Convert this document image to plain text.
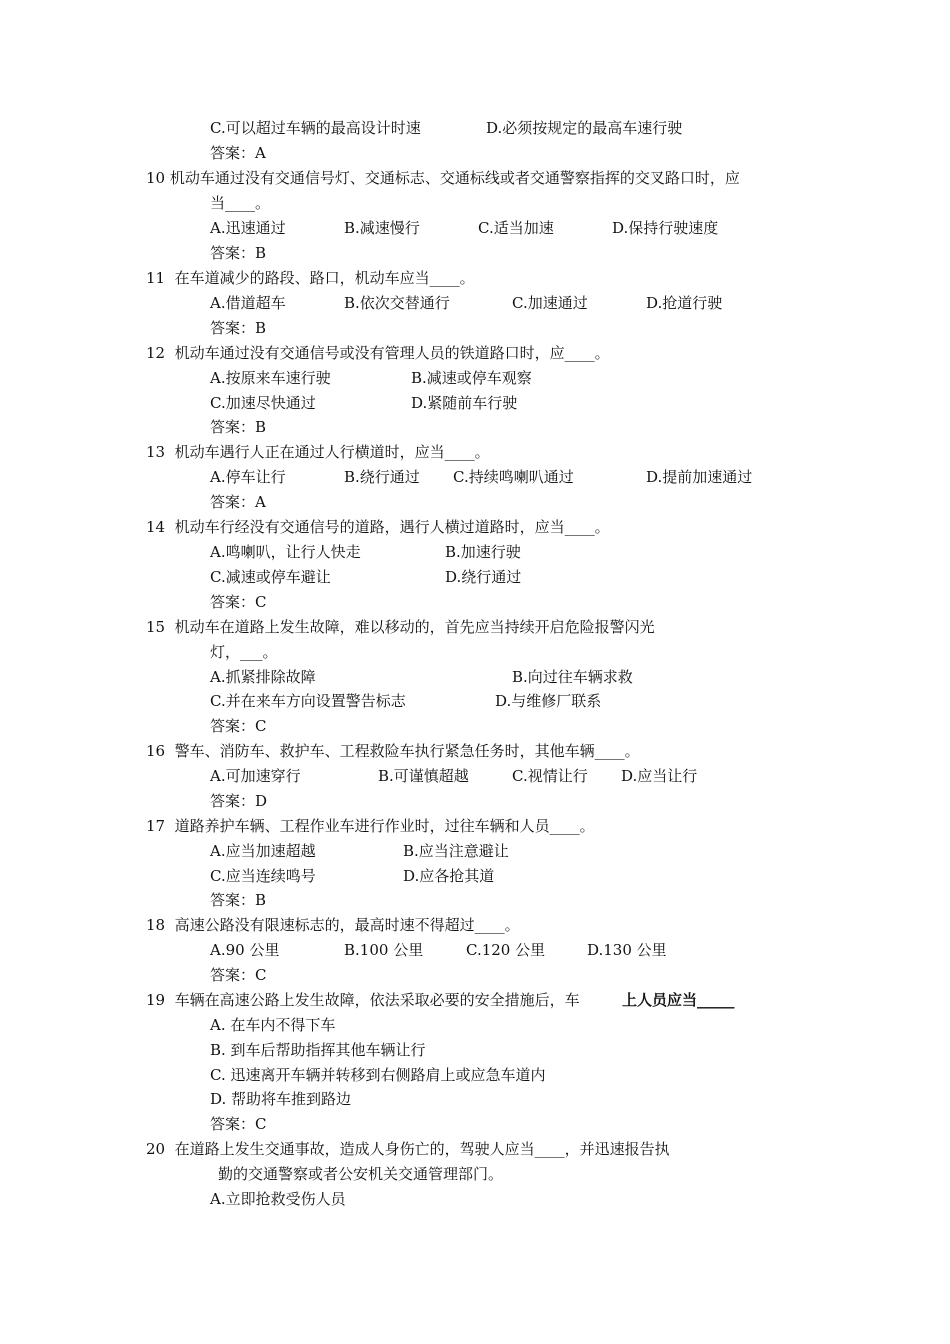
C.可以超过车辆的最高设计时速	D.必须按规定的最高车速行驶
答案：A
10 机动车通过没有交通信号灯、交通标志、交通标线或者交通警察指挥的交叉路口时，应
当____。
A.迅速通过	B.减速慢行	C.适当加速	D.保持行驶速度
答案：B
11  在车道减少的路段、路口，机动车应当____。
A.借道超车	B.依次交替通行	C.加速通过	D.抢道行驶
答案：B
12  机动车通过没有交通信号或没有管理人员的铁道路口时，应____。
A.按原来车速行驶	B.减速或停车观察
C.加速尽快通过	D.紧随前车行驶
答案：B
13  机动车遇行人正在通过人行横道时，应当____。
A.停车让行	B.绕行通过 C.持续鸣喇叭通过	D.提前加速通过
答案：A
14  机动车行经没有交通信号的道路，遇行人横过道路时，应当____。
A.鸣喇叭，让行人快走	B.加速行驶
C.减速或停车避让	D.绕行通过
答案：C
15  机动车在道路上发生故障，难以移动的，首先应当持续开启危险报警闪光
灯，___。
A.抓紧排除故障	B.向过往车辆求救
C.并在来车方向设置警告标志	D.与维修厂联系
答案：C
16  警车、消防车、救护车、工程救险车执行紧急任务时，其他车辆____。
A.可加速穿行	B.可谨慎超越	C.视情让行 D.应当让行
答案：D
17  道路养护车辆、工程作业车进行作业时，过往车辆和人员____。
A.应当加速超越	B.应当注意避让
C.应当连续鸣号	D.应各抢其道
答案：B
18  高速公路没有限速标志的，最高时速不得超过____。
A.90 公里	B.100 公里	C.120 公里	D.130 公里
答案：C
19  车辆在高速公路上发生故障，依法采取必要的安全措施后，车	上人员应当_____
A. 在车内不得下车
B. 到车后帮助指挥其他车辆让行
C. 迅速离开车辆并转移到右侧路肩上或应急车道内
D. 帮助将车推到路边
答案：C
20  在道路上发生交通事故，造成人身伤亡的，驾驶人应当____，并迅速报告执
勤的交通警察或者公安机关交通管理部门。
A.立即抢救受伤人员
